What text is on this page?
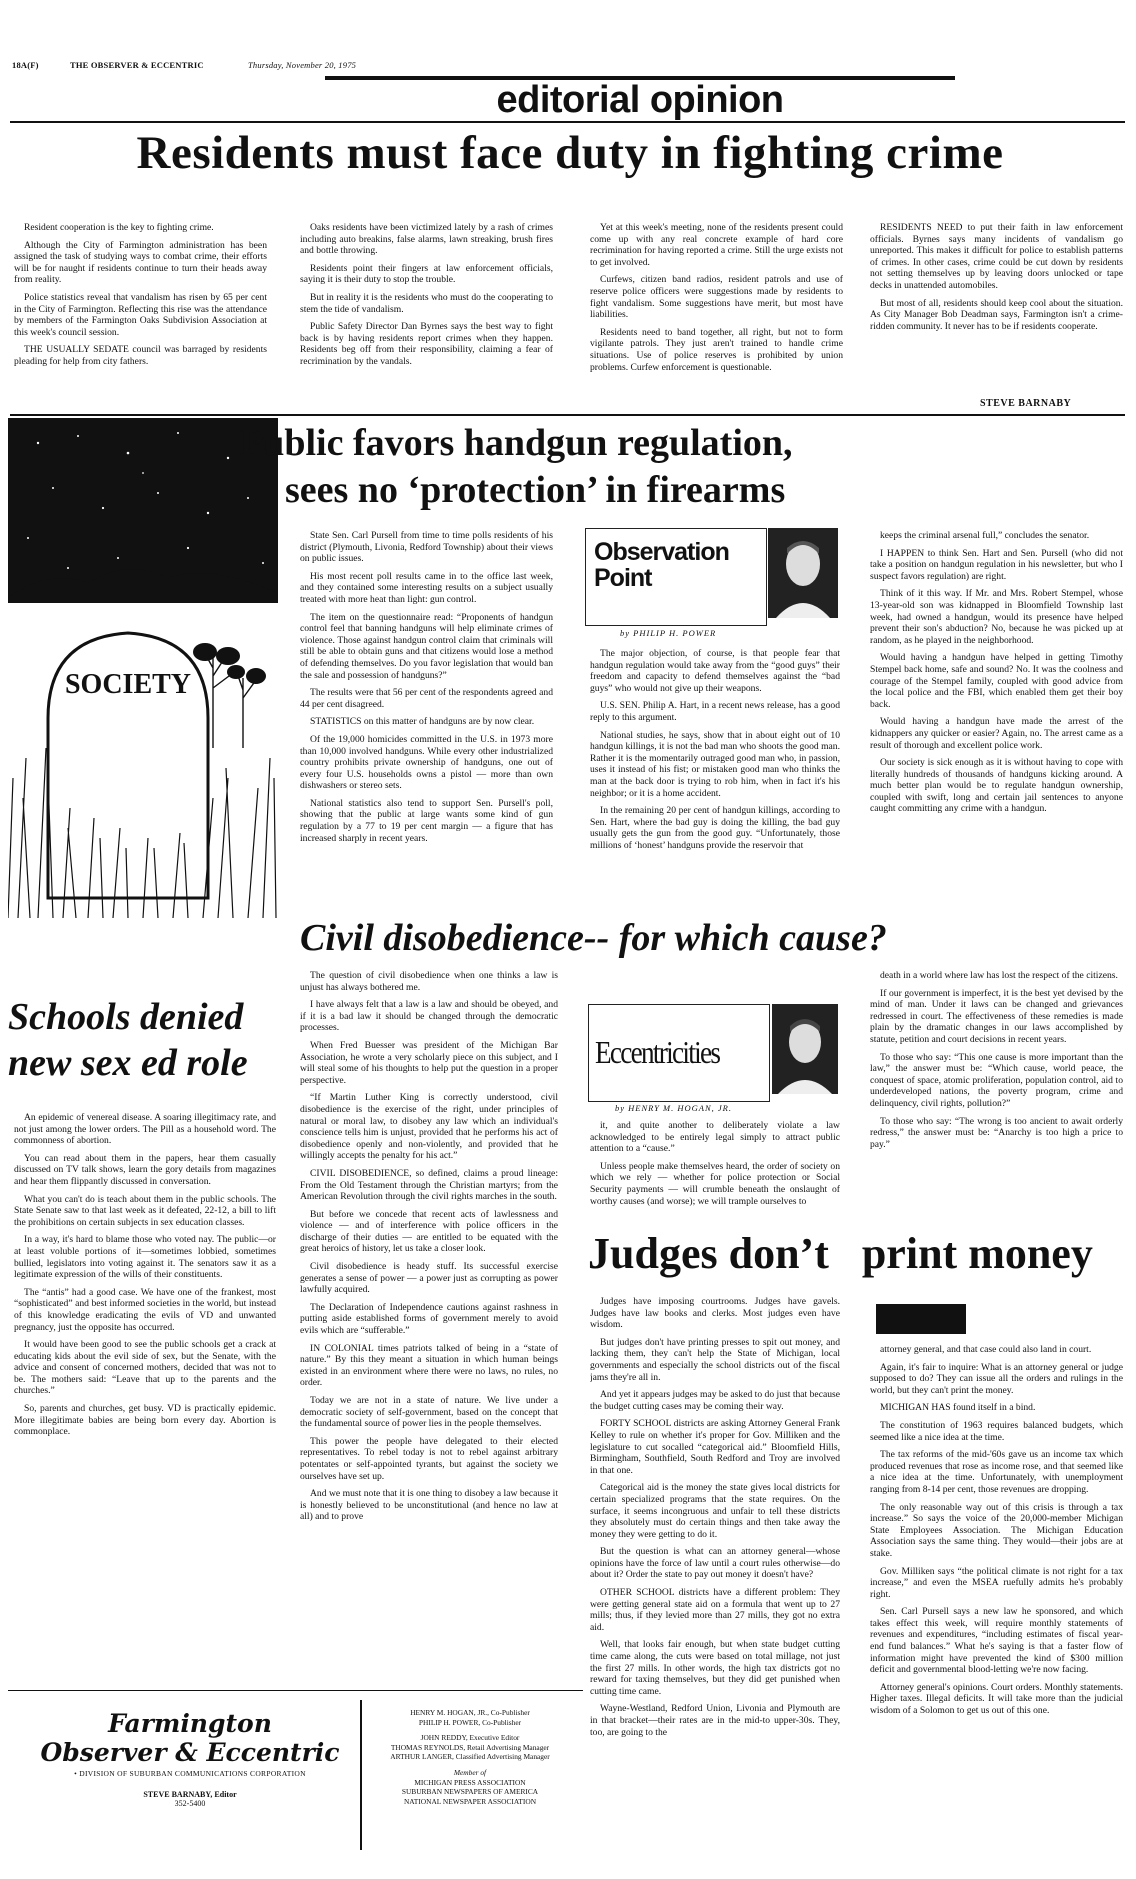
18A(F)	THE OBSERVER & ECCENTRIC	Thursday, November 20, 1975
editorial opinion
Residents must face duty in fighting crime

Resident cooperation is the key to fighting crime.

Although the City of Farmington administration has been assigned the task of studying ways to combat crime, their efforts will be for naught if residents continue to turn their heads away from reality.

Police statistics reveal that vandalism has risen by 65 per cent in the City of Farmington. Reflecting this rise was the attendance by members of the Farmington Oaks Subdivision Association at this week's council session.

THE USUALLY SEDATE council was barraged by residents pleading for help from city fathers.

Oaks residents have been victimized lately by a rash of crimes including auto breakins, false alarms, lawn streaking, brush fires and bottle throwing.

Residents point their fingers at law enforcement officials, saying it is their duty to stop the trouble.

But in reality it is the residents who must do the cooperating to stem the tide of vandalism.

Public Safety Director Dan Byrnes says the best way to fight back is by having residents report crimes when they happen. Residents beg off from their responsibility, claiming a fear of recrimination by the vandals.

Yet at this week's meeting, none of the residents present could come up with any real concrete example of hard core recrimination for having reported a crime. Still the urge exists not to get involved.

Curfews, citizen band radios, resident patrols and use of reserve police officers were suggestions made by residents to fight vandalism. Some suggestions have merit, but most have liabilities.

Residents need to band together, all right, but not to form vigilante patrols. They just aren't trained to handle crime situations. Use of police reserves is prohibited by union problems. Curfew enforcement is questionable.

RESIDENTS NEED to put their faith in law enforcement officials. Byrnes says many incidents of vandalism go unreported. This makes it difficult for police to establish patterns of crimes. In other cases, crime could be cut down by residents not setting themselves up by leaving doors unlocked or tape decks in unattended automobiles.

But most of all, residents should keep cool about the situation. As City Manager Bob Deadman says, Farmington isn't a crime-ridden community. It never has to be if residents cooperate.

STEVE BARNABY
SOCIETY
Public favors handgun regulation,
sees no ‘protection’ in firearms

State Sen. Carl Pursell from time to time polls residents of his district (Plymouth, Livonia, Redford Township) about their views on public issues.

His most recent poll results came in to the office last week, and they contained some interesting results on a subject usually treated with more heat than light: gun control.

The item on the questionnaire read: “Proponents of handgun control feel that banning handguns will help eliminate crimes of violence. Those against handgun control claim that criminals will still be able to obtain guns and that citizens would lose a method of defending themselves. Do you favor legislation that would ban the sale and possession of handguns?”

The results were that 56 per cent of the respondents agreed and 44 per cent disagreed.

STATISTICS on this matter of handguns are by now clear.

Of the 19,000 homicides committed in the U.S. in 1973 more than 10,000 involved handguns. While every other industrialized country prohibits private ownership of handguns, one out of every four U.S. households owns a pistol — more than own dishwashers or stereo sets.

National statistics also tend to support Sen. Pursell's poll, showing that the public at large wants some kind of gun regulation by a 77 to 19 per cent margin — a figure that has increased sharply in recent years.

Observation Point
by PHILIP H. POWER

The major objection, of course, is that people fear that handgun regulation would take away from the “good guys” their freedom and capacity to defend themselves against the “bad guys” who would not give up their weapons.

U.S. SEN. Philip A. Hart, in a recent news release, has a good reply to this argument.

National studies, he says, show that in about eight out of 10 handgun killings, it is not the bad man who shoots the good man. Rather it is the momentarily outraged good man who, in passion, uses it instead of his fist; or mistaken good man who thinks the man at the back door is trying to rob him, when in fact it's his neighbor; or it is a home accident.

In the remaining 20 per cent of handgun killings, according to Sen. Hart, where the bad guy is doing the killing, the bad guy usually gets the gun from the good guy. “Unfortunately, those millions of ‘honest’ handguns provide the reservoir that

keeps the criminal arsenal full,” concludes the senator.

I HAPPEN to think Sen. Hart and Sen. Pursell (who did not take a position on handgun regulation in his newsletter, but who I suspect favors regulation) are right.

Think of it this way. If Mr. and Mrs. Robert Stempel, whose 13-year-old son was kidnapped in Bloomfield Township last week, had owned a handgun, would its presence have helped prevent their son's abduction? No, because he was picked up at random, as he played in the neighborhood.

Would having a handgun have helped in getting Timothy Stempel back home, safe and sound? No. It was the coolness and courage of the Stempel family, coupled with good advice from the local police and the FBI, which enabled them get their boy back.

Would having a handgun have made the arrest of the kidnappers any quicker or easier? Again, no. The arrest came as a result of thorough and excellent police work.

Our society is sick enough as it is without having to cope with literally hundreds of thousands of handguns kicking around. A much better plan would be to regulate handgun ownership, coupled with swift, long and certain jail sentences to anyone caught committing any crime with a handgun.

Civil disobedience-- for which cause?
Schools denied
new sex ed role

An epidemic of venereal disease. A soaring illegitimacy rate, and not just among the lower orders. The Pill as a household word. The commonness of abortion.

You can read about them in the papers, hear them casually discussed on TV talk shows, learn the gory details from magazines and hear them flippantly discussed in conversation.

What you can't do is teach about them in the public schools. The State Senate saw to that last week as it defeated, 22-12, a bill to lift the prohibitions on certain subjects in sex education classes.

In a way, it's hard to blame those who voted nay. The public—or at least voluble portions of it—sometimes lobbied, sometimes bullied, legislators into voting against it. The senators saw it as a legitimate expression of the wills of their constituents.

The “antis” had a good case. We have one of the frankest, most “sophisticated” and best informed societies in the world, but instead of this knowledge eradicating the evils of VD and unwanted pregnancy, just the opposite has occurred.

It would have been good to see the public schools get a crack at educating kids about the evil side of sex, but the Senate, with the advice and consent of concerned mothers, decided that was not to be. The mothers said: “Leave that up to the parents and the churches.”

So, parents and churches, get busy. VD is practically epidemic. More illegitimate babies are being born every day. Abortion is commonplace.

The question of civil disobedience when one thinks a law is unjust has always bothered me.

I have always felt that a law is a law and should be obeyed, and if it is a bad law it should be changed through the democratic processes.

When Fred Buesser was president of the Michigan Bar Association, he wrote a very scholarly piece on this subject, and I will steal some of his thoughts to help put the question in a proper perspective.

“If Martin Luther King is correctly understood, civil disobedience is the exercise of the right, under principles of natural or moral law, to disobey any law which an individual's conscience tells him is unjust, provided that he performs his act of disobedience openly and non-violently, and provided that he willingly accepts the penalty for his act.”

CIVIL DISOBEDIENCE, so defined, claims a proud lineage: From the Old Testament through the Christian martyrs; from the American Revolution through the civil rights marches in the south.

But before we concede that recent acts of lawlessness and violence — and of interference with police officers in the discharge of their duties — are entitled to be equated with the great heroics of history, let us take a closer look.

Civil disobedience is heady stuff. Its successful exercise generates a sense of power — a power just as corrupting as power lawfully acquired.

The Declaration of Independence cautions against rashness in putting aside established forms of government merely to avoid evils which are “sufferable.”

IN COLONIAL times patriots talked of being in a “state of nature.” By this they meant a situation in which human beings existed in an environment where there were no laws, no rules, no order.

Today we are not in a state of nature. We live under a democratic society of self-government, based on the concept that the fundamental source of power lies in the people themselves.

This power the people have delegated to their elected representatives. To rebel today is not to rebel against arbitrary potentates or self-appointed tyrants, but against the society we ourselves have set up.

And we must note that it is one thing to disobey a law because it is honestly believed to be unconstitutional (and hence no law at all) and to prove

Eccentricities
by HENRY M. HOGAN, JR.

it, and quite another to deliberately violate a law acknowledged to be entirely legal simply to attract public attention to a “cause.”

Unless people make themselves heard, the order of society on which we rely — whether for police protection or Social Security payments — will crumble beneath the onslaught of worthy causes (and worse); we will trample ourselves to

death in a world where law has lost the respect of the citizens.

If our government is imperfect, it is the best yet devised by the mind of man. Under it laws can be changed and grievances redressed in court. The effectiveness of these remedies is made plain by the dramatic changes in our laws accomplished by statute, petition and court decisions in recent years.

To those who say: “This one cause is more important than the law,” the answer must be: “Which cause, world peace, the conquest of space, atomic proliferation, population control, aid to underdeveloped nations, the poverty program, crime and delinquency, civil rights, pollution?”

To those who say: “The wrong is too ancient to await orderly redress,” the answer must be: “Anarchy is too high a price to pay.”

Judges don’t   print money

Judges have imposing courtrooms. Judges have gavels. Judges have law books and clerks. Most judges even have wisdom.

But judges don't have printing presses to spit out money, and lacking them, they can't help the State of Michigan, local governments and especially the school districts out of the fiscal jams they're all in.

And yet it appears judges may be asked to do just that because the budget cutting cases may be coming their way.

FORTY SCHOOL districts are asking Attorney General Frank Kelley to rule on whether it's proper for Gov. Milliken and the legislature to cut socalled “categorical aid.” Bloomfield Hills, Birmingham, Southfield, South Redford and Troy are involved in that one.

Categorical aid is the money the state gives local districts for certain specialized programs that the state requires. On the surface, it seems incongruous and unfair to tell these districts they absolutely must do certain things and then take away the money they were getting to do it.

But the question is what can an attorney general—whose opinions have the force of law until a court rules otherwise—do about it? Order the state to pay out money it doesn't have?

OTHER SCHOOL districts have a different problem: They were getting general state aid on a formula that went up to 27 mills; thus, if they levied more than 27 mills, they got no extra aid.

Well, that looks fair enough, but when state budget cutting time came along, the cuts were based on total millage, not just the first 27 mills. In other words, the high tax districts got no reward for taxing themselves, but they did get punished when cutting time came.

Wayne-Westland, Redford Union, Livonia and Plymouth are in that bracket—their rates are in the mid-to upper-30s. They, too, are going to the

attorney general, and that case could also land in court.

Again, it's fair to inquire: What is an attorney general or judge supposed to do? They can issue all the orders and rulings in the world, but they can't print the money.

MICHIGAN HAS found itself in a bind.

The constitution of 1963 requires balanced budgets, which seemed like a nice idea at the time.

The tax reforms of the mid-'60s gave us an income tax which produced revenues that rose as income rose, and that seemed like a nice idea at the time. Unfortunately, with unemployment ranging from 8-14 per cent, those revenues are dropping.

The only reasonable way out of this crisis is through a tax increase.” So says the voice of the 20,000-member Michigan State Employees Association. The Michigan Education Association says the same thing. They would—their jobs are at stake.

Gov. Milliken says “the political climate is not right for a tax increase,” and even the MSEA ruefully admits he's probably right.

Sen. Carl Pursell says a new law he sponsored, and which takes effect this week, will require monthly statements of revenues and expenditures, “including estimates of fiscal year-end fund balances.” What he's saying is that a faster flow of information might have prevented the kind of $300 million deficit and governmental blood-letting we're now facing.

Attorney general's opinions. Court orders. Monthly statements. Higher taxes. Illegal deficits. It will take more than the judicial wisdom of a Solomon to get us out of this one.

Farmington
Observer & Eccentric
• DIVISION OF SUBURBAN COMMUNICATIONS CORPORATION
STEVE BARNABY, Editor
352-5400
HENRY M. HOGAN, JR., Co-Publisher
PHILIP H. POWER, Co-Publisher
JOHN REDDY, Executive Editor
THOMAS REYNOLDS, Retail Advertising Manager
ARTHUR LANGER, Classified Advertising Manager
Member of
MICHIGAN PRESS ASSOCIATION
SUBURBAN NEWSPAPERS OF AMERICA
NATIONAL NEWSPAPER ASSOCIATION
